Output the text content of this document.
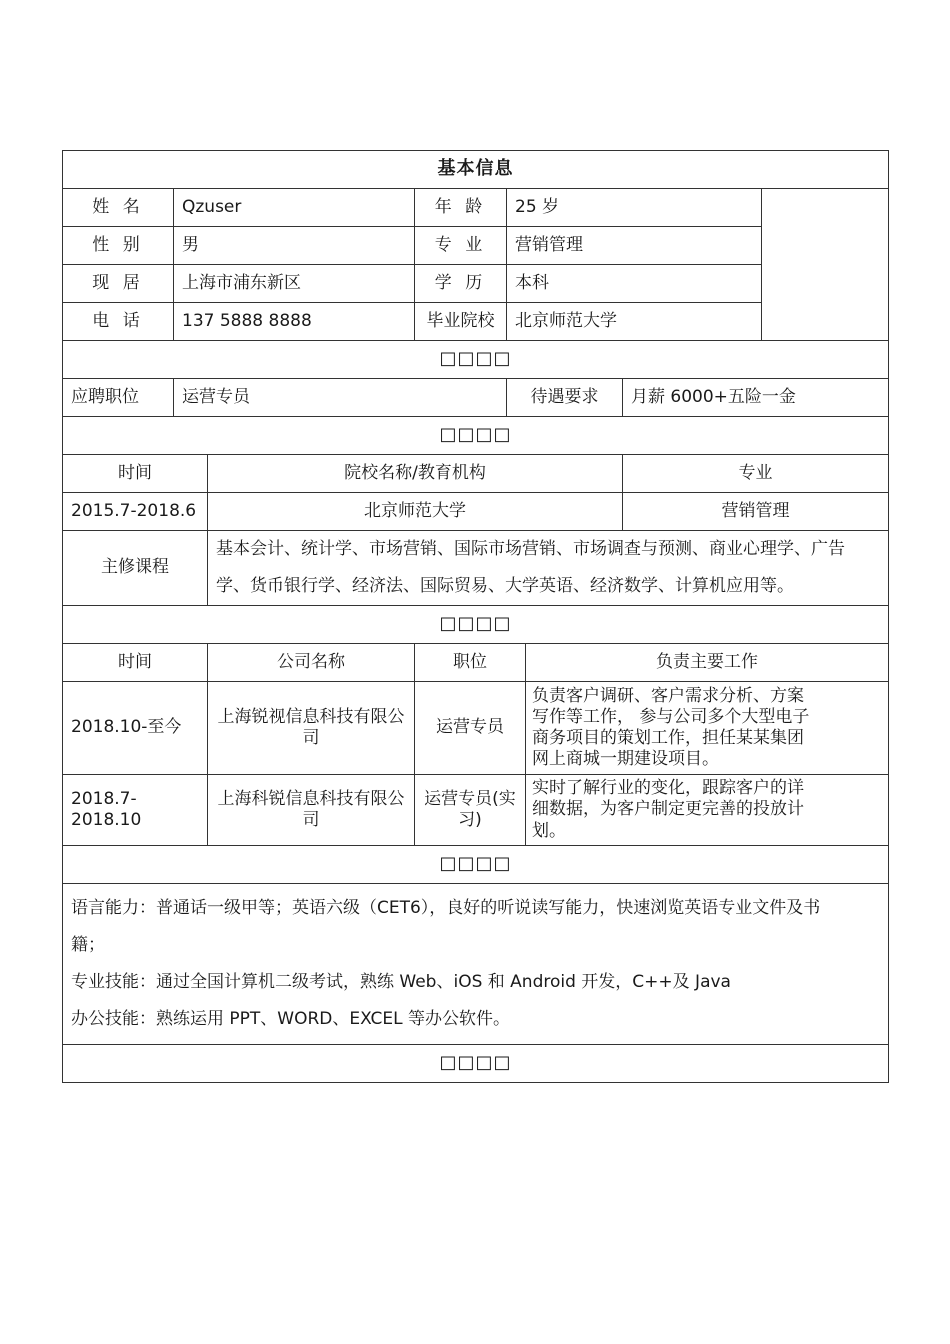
基本信息							
姓 名	Qzuser		年 龄	25 岁			
性 别	男		专 业	营销管理			
现 居	上海市浦东新区		学 历	本科			
电 话	137 5888 8888		毕业院校	北京师范大学			
□□□□							
应聘职位	运营专员			待遇要求		月薪 6000+五险一金	
□□□□							
时间		院校名称/教育机构				专业	
2015.7-2018.6		北京师范大学				营销管理	
主修课程		基本会计、统计学、市场营销、国际市场营销、市场调查与预测、商业心理学、广告
学、货币银行学、经济法、国际贸易、大学英语、经济数学、计算机应用等。					

□□□□							
时间		公司名称	职位		负责主要工作		
2018.10-至今		上海锐视信息科技有限公司	运营专员		负责客户调研、客户需求分析、方案
写作等工作， 参与公司多个大型电子
商务项目的策划工作，担任某某集团
网上商城一期建设项目。		

2018.7-2018.10		上海科锐信息科技有限公司	运营专员(实习)		实时了解行业的变化，跟踪客户的详
细数据，为客户制定更完善的投放计
划。		

□□□□							

语言能力：普通话一级甲等；英语六级（CET6），良好的听说读写能力，快速浏览英语专业文件及书
籍；
专业技能：通过全国计算机二级考试，熟练 Web、iOS 和 Android 开发，C++及 Java
办公技能：熟练运用 PPT、WORD、EXCEL 等办公软件。							

□□□□							
